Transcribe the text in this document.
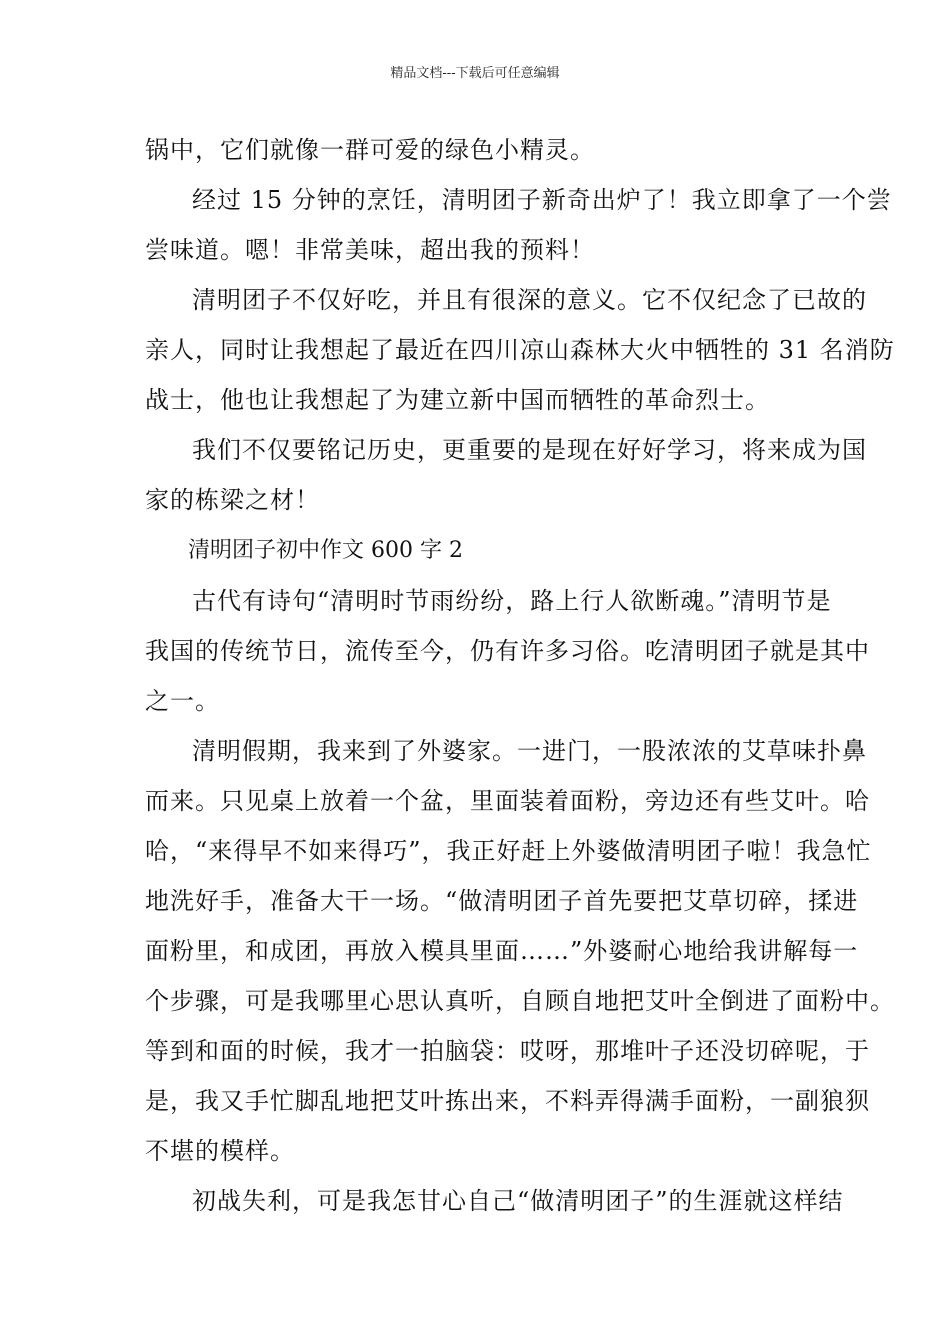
精品文档---下载后可任意编辑
锅中，它们就像一群可爱的绿色小精灵。
经过 15 分钟的烹饪，清明团子新奇出炉了！我立即拿了一个尝
尝味道。嗯！非常美味，超出我的预料！
清明团子不仅好吃，并且有很深的意义。它不仅纪念了已故的
亲人，同时让我想起了最近在四川凉山森林大火中牺牲的 31 名消防
战士，他也让我想起了为建立新中国而牺牲的革命烈士。
我们不仅要铭记历史，更重要的是现在好好学习，将来成为国
家的栋梁之材！
清明团子初中作文 600 字 2
古代有诗句“清明时节雨纷纷，路上行人欲断魂。”清明节是
我国的传统节日，流传至今，仍有许多习俗。吃清明团子就是其中
之一。
清明假期，我来到了外婆家。一进门，一股浓浓的艾草味扑鼻
而来。只见桌上放着一个盆，里面装着面粉，旁边还有些艾叶。哈
哈，“来得早不如来得巧”，我正好赶上外婆做清明团子啦！我急忙
地洗好手，准备大干一场。“做清明团子首先要把艾草切碎，揉进
面粉里，和成团，再放入模具里面……”外婆耐心地给我讲解每一
个步骤，可是我哪里心思认真听，自顾自地把艾叶全倒进了面粉中。
等到和面的时候，我才一拍脑袋：哎呀，那堆叶子还没切碎呢，于
是，我又手忙脚乱地把艾叶拣出来，不料弄得满手面粉，一副狼狈
不堪的模样。
初战失利，可是我怎甘心自己“做清明团子”的生涯就这样结
